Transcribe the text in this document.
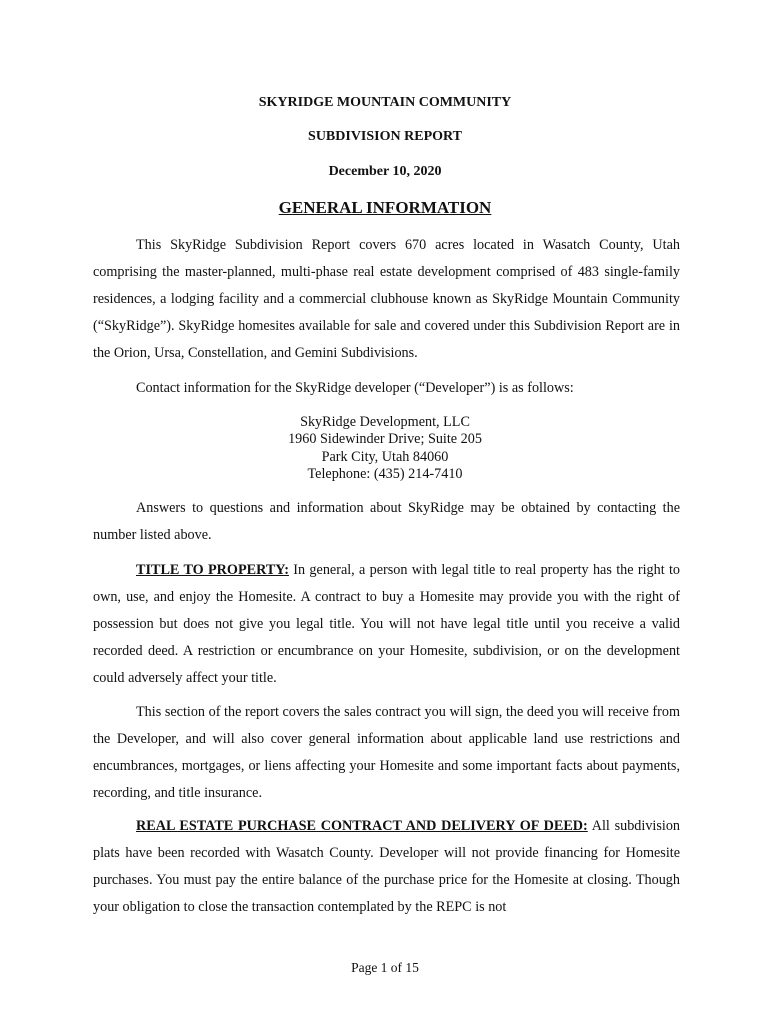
SKYRIDGE MOUNTAIN COMMUNITY
SUBDIVISION REPORT
December 10, 2020
GENERAL INFORMATION
This SkyRidge Subdivision Report covers 670 acres located in Wasatch County, Utah comprising the master-planned, multi-phase real estate development comprised of 483 single-family residences, a lodging facility and a commercial clubhouse known as SkyRidge Mountain Community (“SkyRidge”). SkyRidge homesites available for sale and covered under this Subdivision Report are in the Orion, Ursa, Constellation, and Gemini Subdivisions.
Contact information for the SkyRidge developer (“Developer”) is as follows:
SkyRidge Development, LLC
1960 Sidewinder Drive; Suite 205
Park City, Utah 84060
Telephone: (435) 214-7410
Answers to questions and information about SkyRidge may be obtained by contacting the number listed above.
TITLE TO PROPERTY: In general, a person with legal title to real property has the right to own, use, and enjoy the Homesite. A contract to buy a Homesite may provide you with the right of possession but does not give you legal title. You will not have legal title until you receive a valid recorded deed. A restriction or encumbrance on your Homesite, subdivision, or on the development could adversely affect your title.
This section of the report covers the sales contract you will sign, the deed you will receive from the Developer, and will also cover general information about applicable land use restrictions and encumbrances, mortgages, or liens affecting your Homesite and some important facts about payments, recording, and title insurance.
REAL ESTATE PURCHASE CONTRACT AND DELIVERY OF DEED: All subdivision plats have been recorded with Wasatch County. Developer will not provide financing for Homesite purchases. You must pay the entire balance of the purchase price for the Homesite at closing. Though your obligation to close the transaction contemplated by the REPC is not
Page 1 of 15
